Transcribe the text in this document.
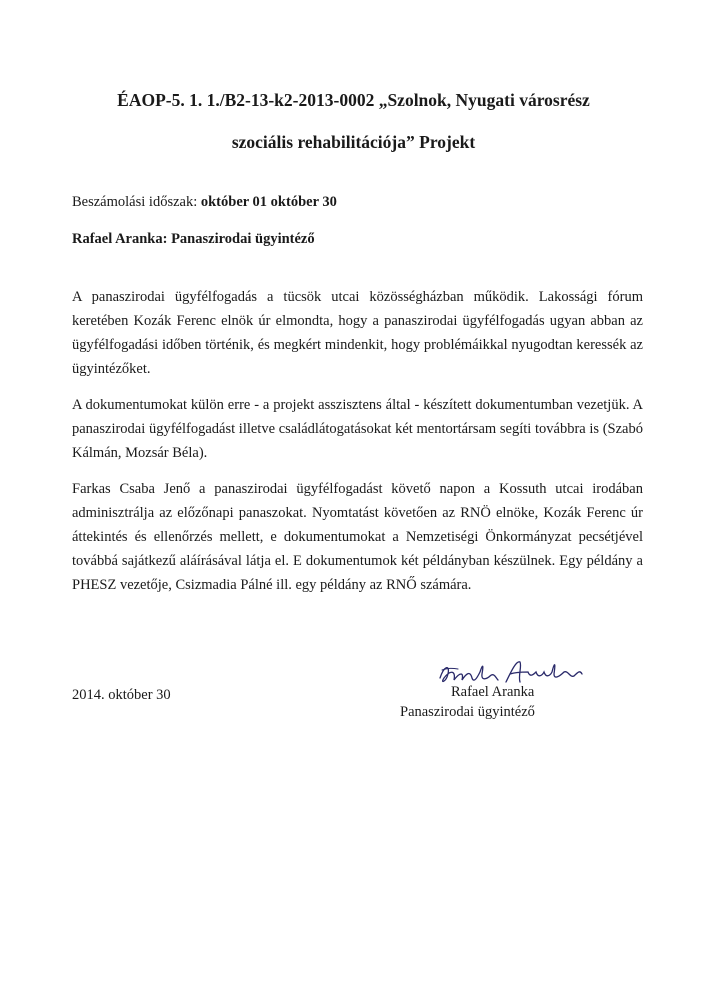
ÉAOP-5. 1. 1./B2-13-k2-2013-0002 „Szolnok, Nyugati városrész
szociális rehabilitációja” Projekt

Beszámolási időszak: október 01 október 30

Rafael Aranka: Panaszirodai ügyintéző

A panaszirodai ügyfélfogadás a tücsök utcai közösségházban működik. Lakossági fórum keretében Kozák Ferenc elnök úr elmondta, hogy a panaszirodai ügyfélfogadás ugyan abban az ügyfélfogadási időben történik, és megkért mindenkit, hogy problémáikkal nyugodtan keressék az ügyintézőket.

A dokumentumokat külön erre - a projekt asszisztens által - készített dokumentumban vezetjük. A panaszirodai ügyfélfogadást illetve családlátogatásokat két mentortársam segíti továbbra is (Szabó Kálmán, Mozsár Béla).

Farkas Csaba Jenő a panaszirodai ügyfélfogadást követő napon a Kossuth utcai irodában adminisztrálja az előzőnapi panaszokat. Nyomtatást követően az RNÖ elnöke, Kozák Ferenc úr áttekintés és ellenőrzés mellett, e dokumentumokat a Nemzetiségi Önkormányzat pecsétjével továbbá sajátkezű aláírásával látja el. E dokumentumok két példányban készülnek. Egy példány a PHESZ vezetője, Csizmadia Pálné ill. egy példány az RNŐ számára.

2014. október 30	Rafael Aranka

Panaszirodai ügyintéző
